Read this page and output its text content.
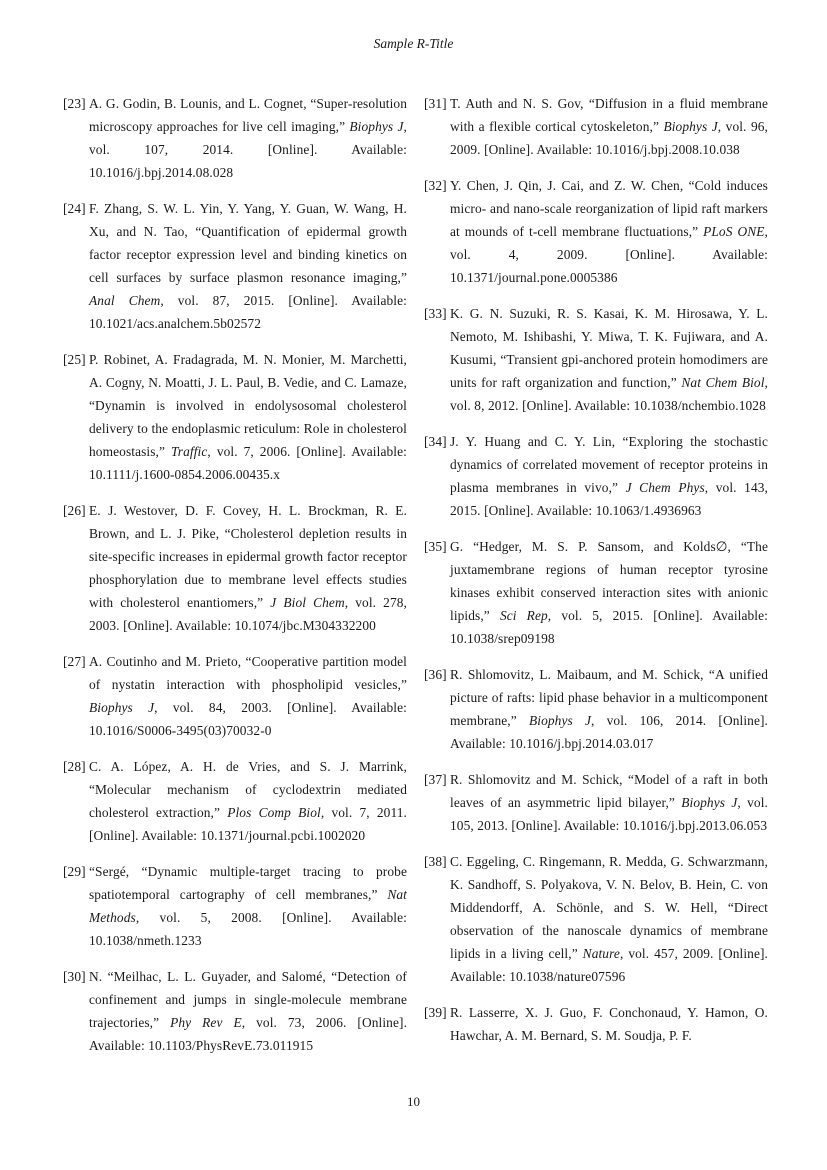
Sample R-Title
[23] A. G. Godin, B. Lounis, and L. Cognet, “Super-resolution microscopy approaches for live cell imaging,” Biophys J, vol. 107, 2014. [Online]. Available: 10.1016/j.bpj.2014.08.028
[24] F. Zhang, S. W. L. Yin, Y. Yang, Y. Guan, W. Wang, H. Xu, and N. Tao, “Quantification of epidermal growth factor receptor expression level and binding kinetics on cell surfaces by surface plasmon resonance imaging,” Anal Chem, vol. 87, 2015. [Online]. Available: 10.1021/acs.analchem.5b02572
[25] P. Robinet, A. Fradagrada, M. N. Monier, M. Marchetti, A. Cogny, N. Moatti, J. L. Paul, B. Vedie, and C. Lamaze, “Dynamin is involved in endolysosomal cholesterol delivery to the endoplasmic reticulum: Role in cholesterol homeostasis,” Traffic, vol. 7, 2006. [Online]. Available: 10.1111/j.1600-0854.2006.00435.x
[26] E. J. Westover, D. F. Covey, H. L. Brockman, R. E. Brown, and L. J. Pike, “Cholesterol depletion results in site-specific increases in epidermal growth factor receptor phosphorylation due to membrane level effects studies with cholesterol enantiomers,” J Biol Chem, vol. 278, 2003. [Online]. Available: 10.1074/jbc.M304332200
[27] A. Coutinho and M. Prieto, “Cooperative partition model of nystatin interaction with phospholipid vesicles,” Biophys J, vol. 84, 2003. [Online]. Available: 10.1016/S0006-3495(03)70032-0
[28] C. A. López, A. H. de Vries, and S. J. Marrink, “Molecular mechanism of cyclodextrin mediated cholesterol extraction,” Plos Comp Biol, vol. 7, 2011. [Online]. Available: 10.1371/journal.pcbi.1002020
[29] “Sergé, “Dynamic multiple-target tracing to probe spatiotemporal cartography of cell membranes,” Nat Methods, vol. 5, 2008. [Online]. Available: 10.1038/nmeth.1233
[30] N. “Meilhac, L. L. Guyader, and Salomé, “Detection of confinement and jumps in single-molecule membrane trajectories,” Phy Rev E, vol. 73, 2006. [Online]. Available: 10.1103/PhysRevE.73.011915
[31] T. Auth and N. S. Gov, “Diffusion in a fluid membrane with a flexible cortical cytoskeleton,” Biophys J, vol. 96, 2009. [Online]. Available: 10.1016/j.bpj.2008.10.038
[32] Y. Chen, J. Qin, J. Cai, and Z. W. Chen, “Cold induces micro- and nano-scale reorganization of lipid raft markers at mounds of t-cell membrane fluctuations,” PLoS ONE, vol. 4, 2009. [Online]. Available: 10.1371/journal.pone.0005386
[33] K. G. N. Suzuki, R. S. Kasai, K. M. Hirosawa, Y. L. Nemoto, M. Ishibashi, Y. Miwa, T. K. Fujiwara, and A. Kusumi, “Transient gpi-anchored protein homodimers are units for raft organization and function,” Nat Chem Biol, vol. 8, 2012. [Online]. Available: 10.1038/nchembio.1028
[34] J. Y. Huang and C. Y. Lin, “Exploring the stochastic dynamics of correlated movement of receptor proteins in plasma membranes in vivo,” J Chem Phys, vol. 143, 2015. [Online]. Available: 10.1063/1.4936963
[35] G. “Hedger, M. S. P. Sansom, and Kolds∅, “The juxtamembrane regions of human receptor tyrosine kinases exhibit conserved interaction sites with anionic lipids,” Sci Rep, vol. 5, 2015. [Online]. Available: 10.1038/srep09198
[36] R. Shlomovitz, L. Maibaum, and M. Schick, “A unified picture of rafts: lipid phase behavior in a multicomponent membrane,” Biophys J, vol. 106, 2014. [Online]. Available: 10.1016/j.bpj.2014.03.017
[37] R. Shlomovitz and M. Schick, “Model of a raft in both leaves of an asymmetric lipid bilayer,” Biophys J, vol. 105, 2013. [Online]. Available: 10.1016/j.bpj.2013.06.053
[38] C. Eggeling, C. Ringemann, R. Medda, G. Schwarzmann, K. Sandhoff, S. Polyakova, V. N. Belov, B. Hein, C. von Middendorff, A. Schönle, and S. W. Hell, “Direct observation of the nanoscale dynamics of membrane lipids in a living cell,” Nature, vol. 457, 2009. [Online]. Available: 10.1038/nature07596
[39] R. Lasserre, X. J. Guo, F. Conchonaud, Y. Hamon, O. Hawchar, A. M. Bernard, S. M. Soudja, P. F.
10
